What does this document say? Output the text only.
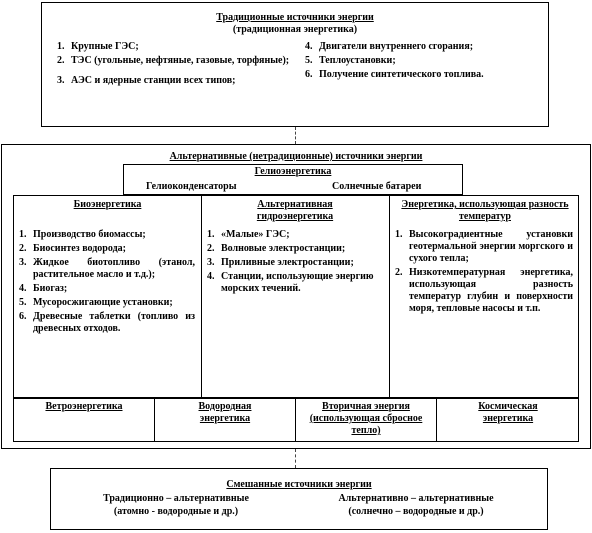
Традиционные источники энергии
(традиционная энергетика)
1. Крупные ГЭС;
2. ТЭС (угольные, нефтяные, газовые, торфяные);
3. АЭС и ядерные станции всех типов;
4. Двигатели внутреннего сгорания;
5. Теплоустановки;
6. Получение синтетического топлива.
Альтернативные (нетрадиционные) источники энергии
Гелиоэнергетика
Гелиоконденсаторы	Солнечные батареи
Биоэнергетика
1. Производство биомассы;
2. Биосинтез водорода;
3. Жидкое биотопливо (этанол, растительное масло и т.д.);
4. Биогаз;
5. Мусоросжигающие установки;
6. Древесные таблетки (топливо из древесных отходов.
Альтернативная гидроэнергетика
1. «Малые» ГЭС;
2. Волновые электростанции;
3. Приливные электростанции;
4. Станции, использующие энергию морских течений.
Энергетика, использующая разность температур
1. Высокоградиентные установки геотермальной энергии моргского и сухого тепла;
2. Низкотемпературная энергетика, использующая разность температур глубин и поверхности моря, тепловые насосы и т.п.
Ветроэнергетика	Водородная энергетика
Вторичная энергия (использующая сбросное тепло)
Космическая энергетика
Смешанные источники энергии
Традиционно – альтернативные
(атомно - водородные и др.)
Альтернативно – альтернативные
(солнечно – водородные и др.)
